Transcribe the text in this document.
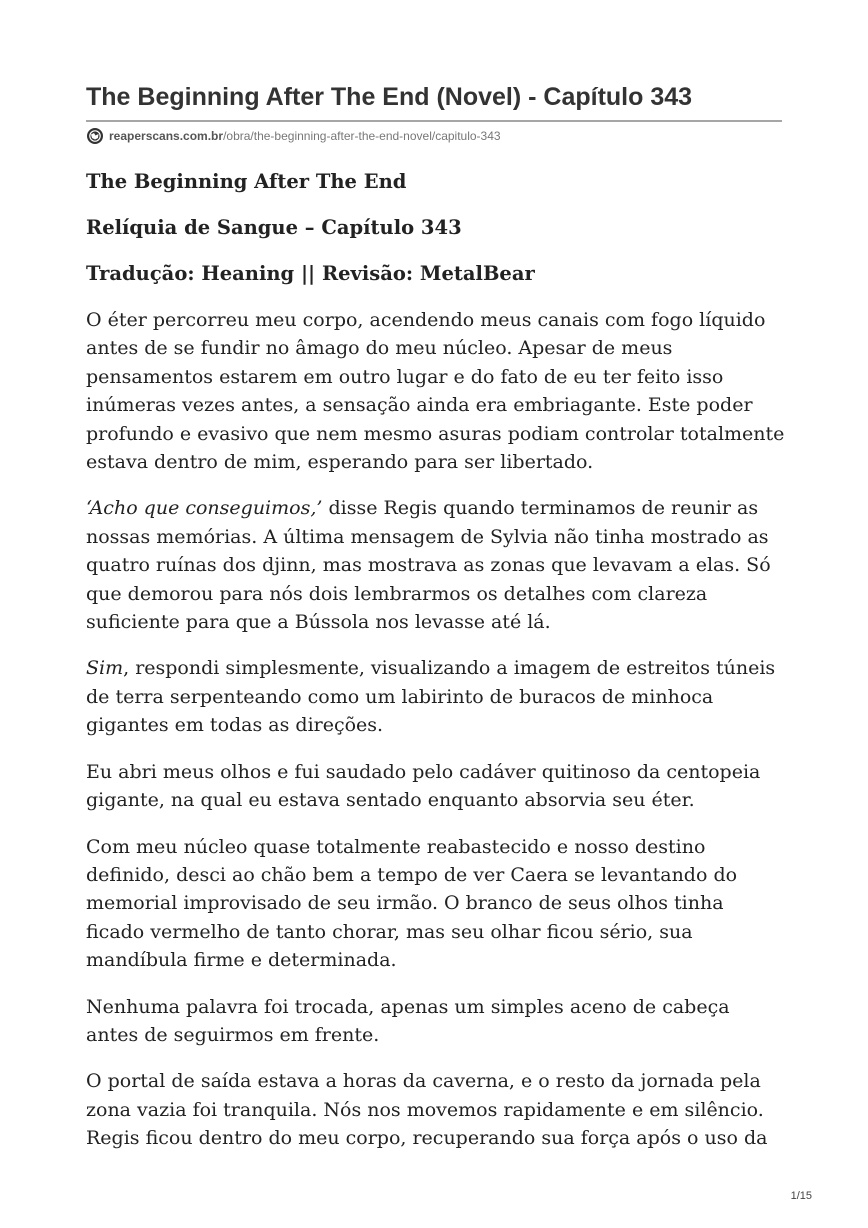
The Beginning After The End (Novel) - Capítulo 343
reaperscans.com.br /obra/the-beginning-after-the-end-novel/capitulo-343
The Beginning After The End
Relíquia de Sangue – Capítulo 343
Tradução: Heaning || Revisão: MetalBear

O éter percorreu meu corpo, acendendo meus canais com fogo líquido antes de se fundir no âmago do meu núcleo. Apesar de meus pensamentos estarem em outro lugar e do fato de eu ter feito isso inúmeras vezes antes, a sensação ainda era embriagante. Este poder profundo e evasivo que nem mesmo asuras podiam controlar totalmente estava dentro de mim, esperando para ser libertado.

‘Acho que conseguimos,’ disse Regis quando terminamos de reunir as nossas memórias. A última mensagem de Sylvia não tinha mostrado as quatro ruínas dos djinn, mas mostrava as zonas que levavam a elas. Só que demorou para nós dois lembrarmos os detalhes com clareza suficiente para que a Bússola nos levasse até lá.

Sim, respondi simplesmente, visualizando a imagem de estreitos túneis de terra serpenteando como um labirinto de buracos de minhoca gigantes em todas as direções.

Eu abri meus olhos e fui saudado pelo cadáver quitinoso da centopeia gigante, na qual eu estava sentado enquanto absorvia seu éter.

Com meu núcleo quase totalmente reabastecido e nosso destino definido, desci ao chão bem a tempo de ver Caera se levantando do memorial improvisado de seu irmão. O branco de seus olhos tinha ficado vermelho de tanto chorar, mas seu olhar ficou sério, sua mandíbula firme e determinada.

Nenhuma palavra foi trocada, apenas um simples aceno de cabeça antes de seguirmos em frente.

O portal de saída estava a horas da caverna, e o resto da jornada pela zona vazia foi tranquila. Nós nos movemos rapidamente e em silêncio. Regis ficou dentro do meu corpo, recuperando sua força após o uso da

1/15
